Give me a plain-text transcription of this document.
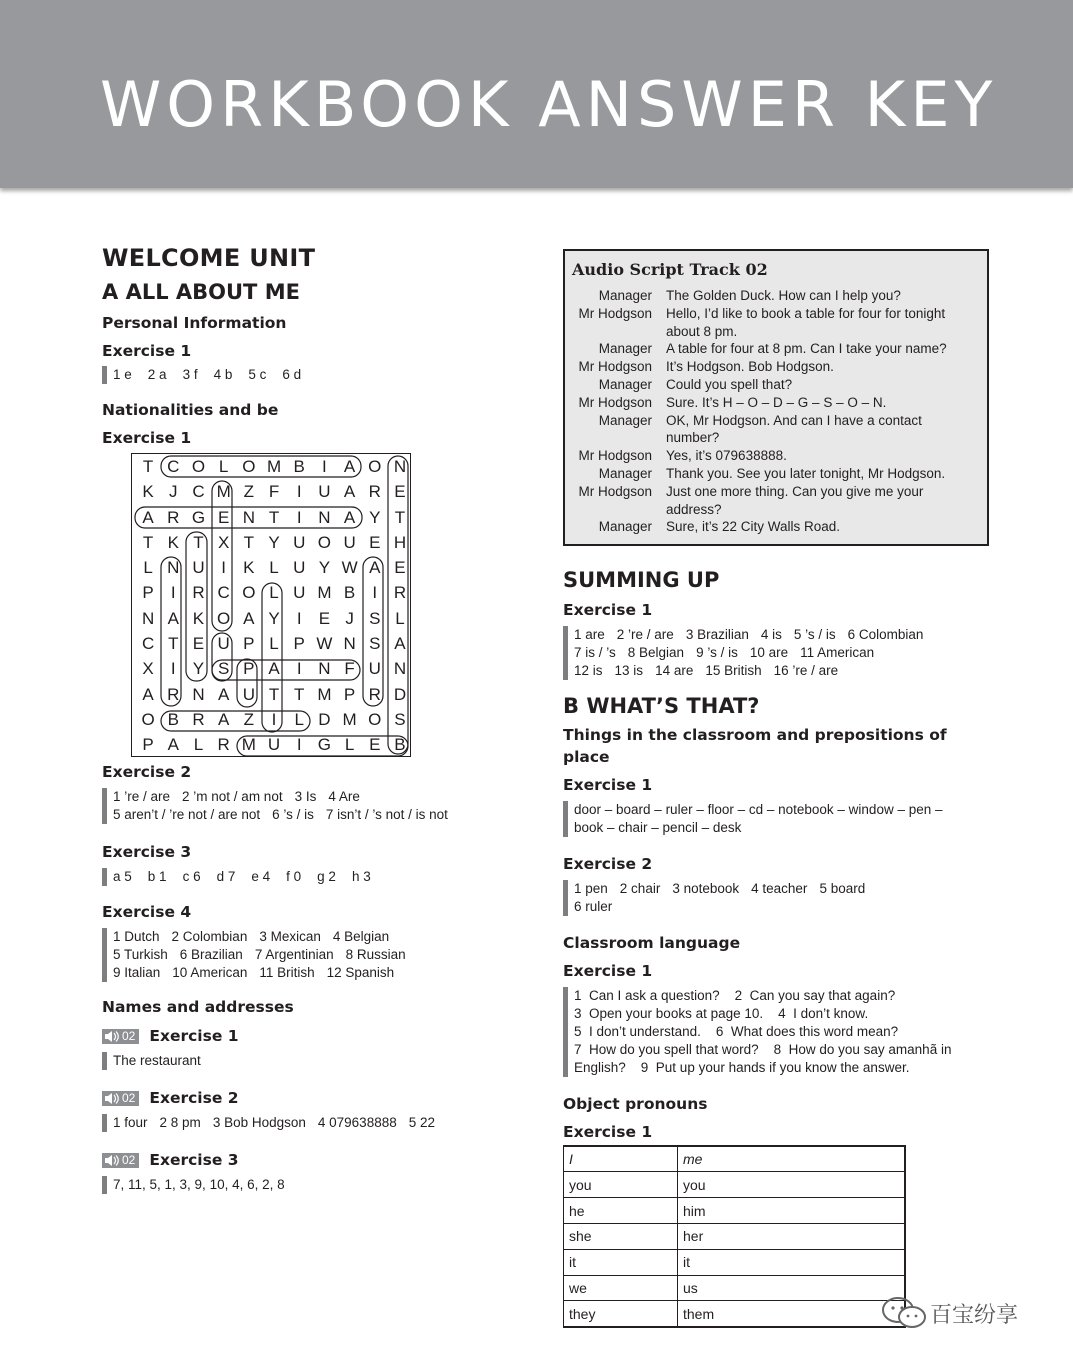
WORKBOOK ANSWER KEY
WELCOME UNIT
A ALL ABOUT ME
Personal Information
Exercise 1
1 e 2 a 3 f 4 b 5 c 6 d
Nationalities and be
Exercise 1
T C O L O M B I A O N
K J C M Z F I U A R E
A R G E N T I N A Y T
T K T X T Y U O U E H
L N U I K L U Y W A E
P I R C O L U M B I R
N A K O A Y I E J S L
C T E U P L P W N S A
X I Y S P A I N F U N
A R N A U T T M P R D
O B R A Z I	L D M O S
P A L R M U I G L E B
Exercise 2
1 ’re / are 2 ’m not / am not 3 Is 4 Are
5 aren’t / ’re not / are not 6 ’s / is 7 isn’t / ’s not / is not
Exercise 3
a 5 b 1 c 6 d 7 e 4 f 0 g 2 h 3
Exercise 4
1 Dutch 2 Colombian 3 Mexican 4 Belgian
5 Turkish 6 Brazilian 7 Argentinian 8 Russian
9 Italian 10 American 11 British 12 Spanish
Names and addresses
02 Exercise 1
The restaurant
02 Exercise 2
1 four 2 8 pm 3 Bob Hodgson 4 079638888 5 22
02 Exercise 3
7, 11, 5, 1, 3, 9, 10, 4, 6, 2, 8
Audio Script Track 02
Manager The Golden Duck. How can I help you?
Mr Hodgson Hello, I’d like to book a table for four for tonight about 8 pm.
Manager A table for four at 8 pm. Can I take your name?
Mr Hodgson It’s Hodgson. Bob Hodgson.
Manager Could you spell that?
Mr Hodgson Sure. It’s H – O – D – G – S – O – N.
Manager OK, Mr Hodgson. And can I have a contact number?
Mr Hodgson Yes, it’s 079638888.
Manager Thank you. See you later tonight, Mr Hodgson.
Mr Hodgson Just one more thing. Can you give me your address?
Manager Sure, it’s 22 City Walls Road.
SUMMING UP
Exercise 1
1 are 2 ’re / are 3 Brazilian 4 is 5 ’s / is 6 Colombian
7 is / ’s 8 Belgian 9 ’s / is 10 are 11 American
12 is 13 is 14 are 15 British 16 ’re / are
B WHAT’S THAT?
Things in the classroom and prepositions of place
Exercise 1
door – board – ruler – floor – cd – notebook – window – pen –
book – chair – pencil – desk
Exercise 2
1 pen 2 chair 3 notebook 4 teacher 5 board
6 ruler
Classroom language
Exercise 1
1  Can I ask a question?    2  Can you say that again?
3  Open your books at page 10.    4  I don’t know.
5  I don’t understand.    6  What does this word mean?
7  How do you spell that word?    8  How do you say amanhã in
English?    9  Put up your hands if you know the answer.
Object pronouns
Exercise 1
I	me
you	you
he	him
she	her
it	it
we	us
they	them	百宝纷享
